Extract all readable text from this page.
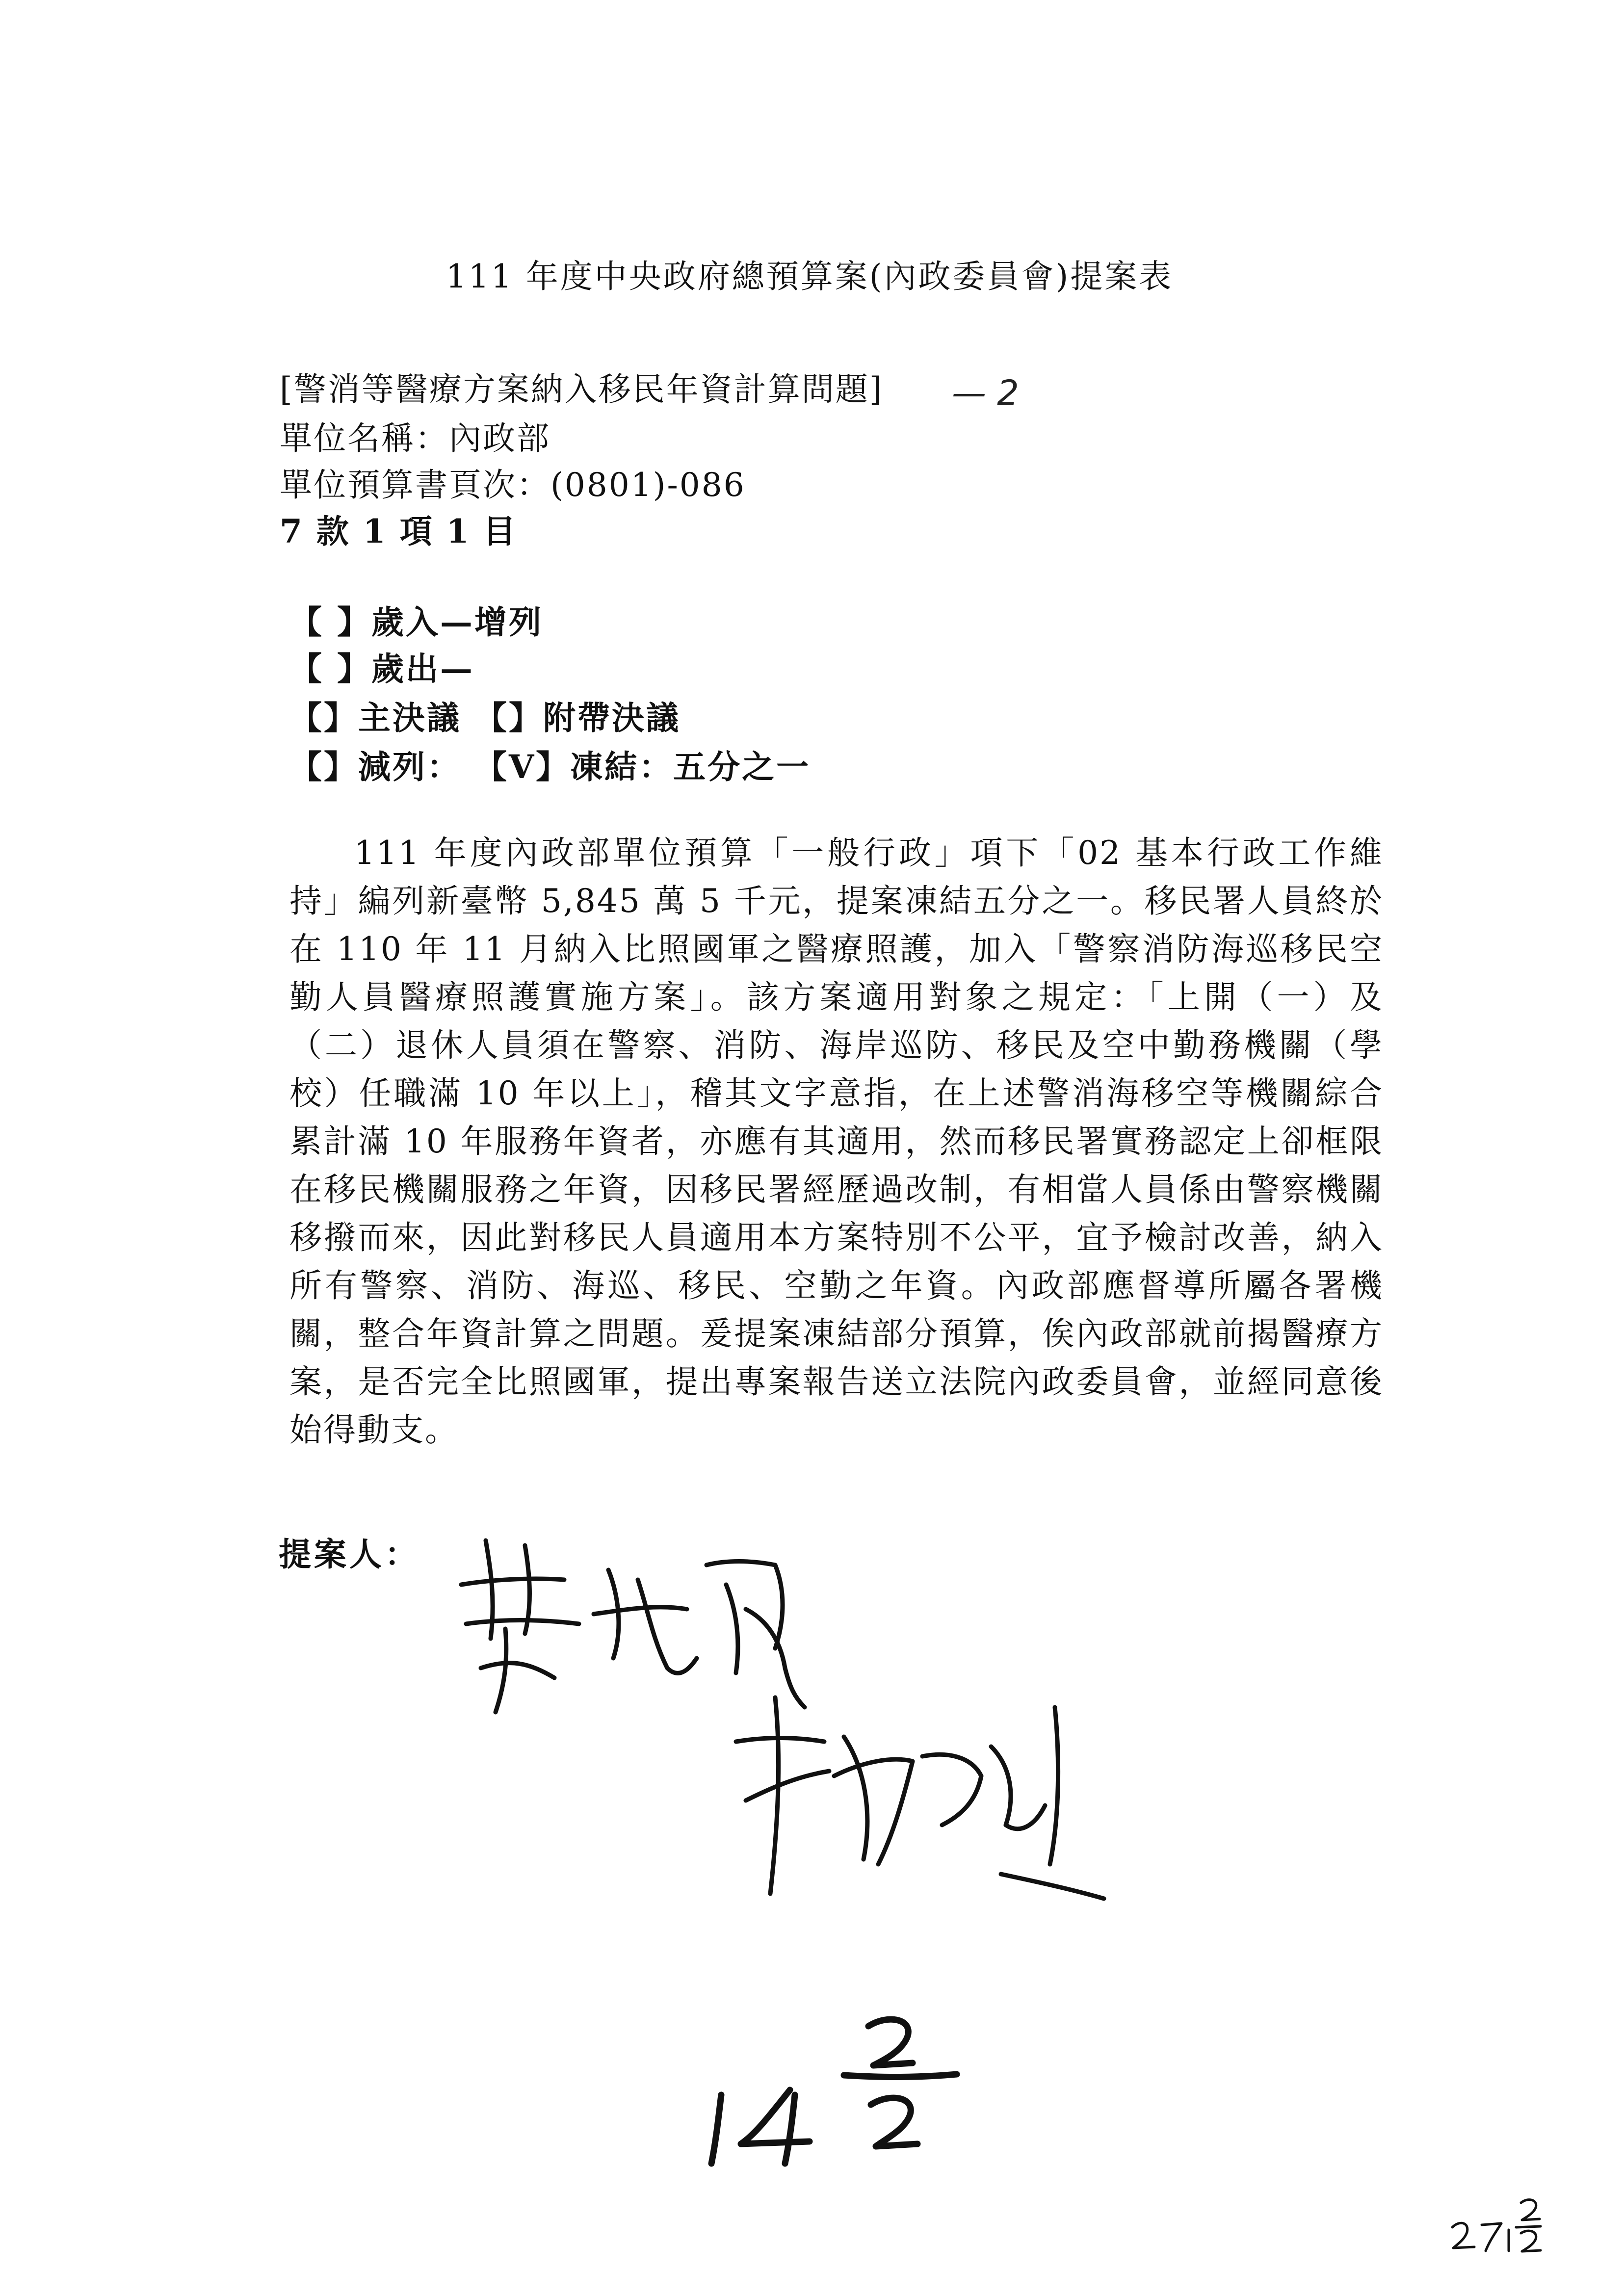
111 年度中央政府總預算案(內政委員會)提案表
[警消等醫療方案納入移民年資計算問題] — 2
單位名稱：內政部
單位預算書頁次：(0801)-086
7 款 1 項 1 目
【 】歲入—增列
【 】歲出—
【】主決議 【】附帶決議
【】減列： 【V】凍結：五分之一
111 年度內政部單位預算「一般行政」項下「02 基本行政工作維持」編列新臺幣 5,845 萬 5 千元，提案凍結五分之一。移民署人員終於在 110 年 11 月納入比照國軍之醫療照護，加入「警察消防海巡移民空勤人員醫療照護實施方案」。該方案適用對象之規定：「上開（一）及（二）退休人員須在警察、消防、海岸巡防、移民及空中勤務機關（學校）任職滿 10 年以上」，稽其文字意指，在上述警消海移空等機關綜合累計滿 10 年服務年資者，亦應有其適用，然而移民署實務認定上卻框限在移民機關服務之年資，因移民署經歷過改制，有相當人員係由警察機關移撥而來，因此對移民人員適用本方案特別不公平，宜予檢討改善，納入所有警察、消防、海巡、移民、空勤之年資。內政部應督導所屬各署機關，整合年資計算之問題。爰提案凍結部分預算，俟內政部就前揭醫療方案，是否完全比照國軍，提出專案報告送立法院內政委員會，並經同意後始得動支。
提案人：
